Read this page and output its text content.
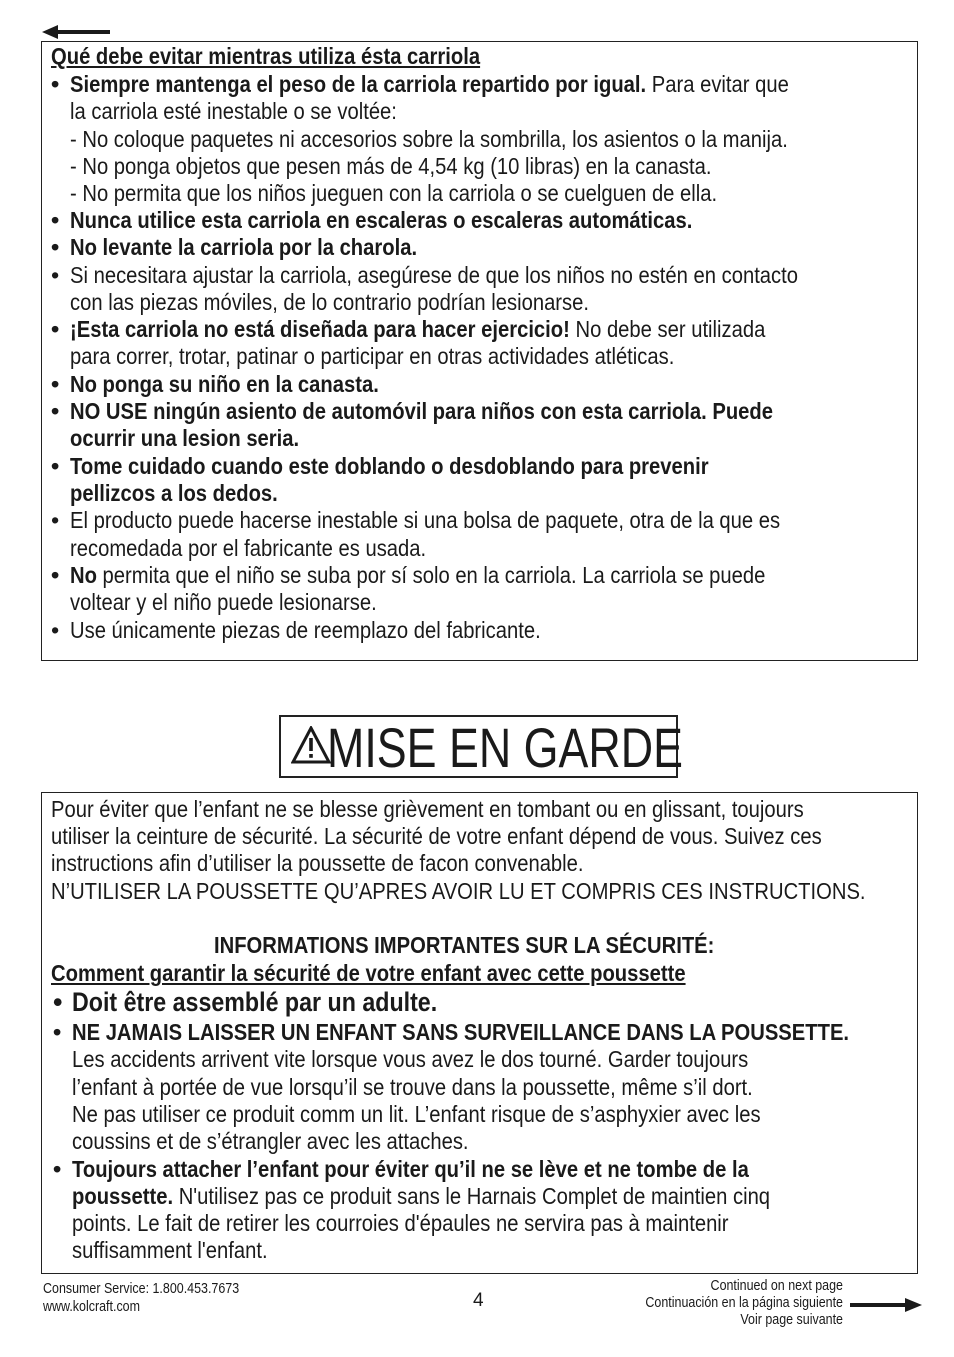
Qué debe evitar mientras utiliza ésta carriola
• Siempre mantenga el peso de la carriola repartido por igual. Para evitar que
la carriola esté inestable o se voltée:
- No coloque paquetes ni accesorios sobre la sombrilla, los asientos o la manija.
- No ponga objetos que pesen más de 4,54 kg (10 libras) en la canasta.
- No permita que los niños jueguen con la carriola o se cuelguen de ella.
• Nunca utilice esta carriola en escaleras o escaleras automáticas.
• No levante la carriola por la charola.
• Si necesitara ajustar la carriola, asegúrese de que los niños no estén en contacto
con las piezas móviles, de lo contrario podrían lesionarse.
• ¡Esta carriola no está diseñada para hacer ejercicio! No debe ser utilizada
para correr, trotar, patinar o participar en otras actividades atléticas.
• No ponga su niño en la canasta.
• NO USE ningún asiento de automóvil para niños con esta carriola. Puede
ocurrir una lesion seria.
• Tome cuidado cuando este doblando o desdoblando para prevenir
pellizcos a los dedos.
• El producto puede hacerse inestable si una bolsa de paquete, otra de la que es
recomedada por el fabricante es usada.
• No permita que el niño se suba por sí solo en la carriola. La carriola se puede
voltear y el niño puede lesionarse.
• Use únicamente piezas de reemplazo del fabricante.
MISE EN GARDE
Pour éviter que l’enfant ne se blesse grièvement en tombant ou en glissant, toujours
utiliser la ceinture de sécurité. La sécurité de votre enfant dépend de vous. Suivez ces
instructions afin d’utiliser la poussette de facon convenable.
N’UTILISER LA POUSSETTE QU’APRES AVOIR LU ET COMPRIS CES INSTRUCTIONS.
INFORMATIONS IMPORTANTES SUR LA SÉCURITÉ:
Comment garantir la sécurité de votre enfant avec cette poussette
• Doit être assemblé par un adulte.
• NE JAMAIS LAISSER UN ENFANT SANS SURVEILLANCE DANS LA POUSSETTE.
Les accidents arrivent vite lorsque vous avez le dos tourné. Garder toujours
l’enfant à portée de vue lorsqu’il se trouve dans la poussette, même s’il dort.
Ne pas utiliser ce produit comm un lit. L’enfant risque de s’asphyxier avec les
coussins et de s’étrangler avec les attaches.
• Toujours attacher l’enfant pour éviter qu’il ne se lève et ne tombe de la
poussette. N'utilisez pas ce produit sans le Harnais Complet de maintien cinq
points. Le fait de retirer les courroies d'épaules ne servira pas à maintenir
suffisamment l'enfant.
Consumer Service: 1.800.453.7673
www.kolcraft.com	4
Continued on next page
Continuación en la página siguiente
Voir page suivante
